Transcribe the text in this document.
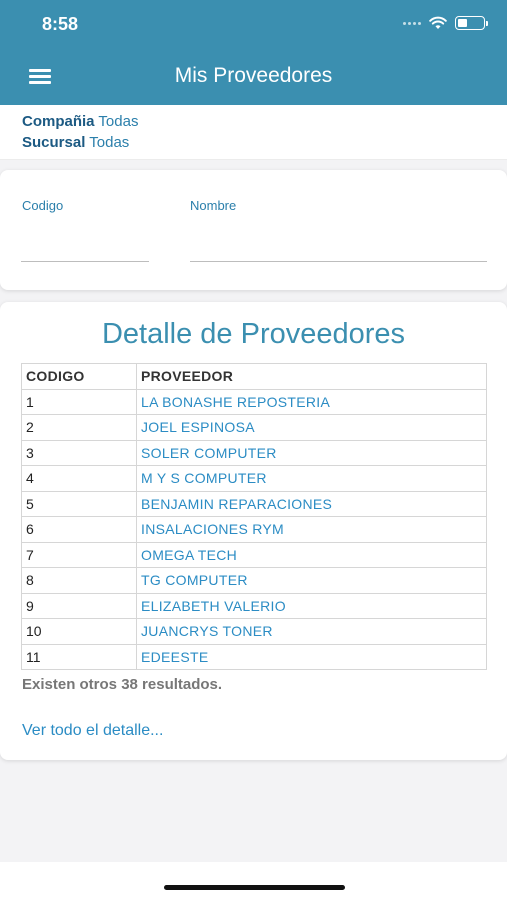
8:58
Mis Proveedores
Compañia Todas
Sucursal Todas
Codigo	Nombre
Detalle de Proveedores
CODIGO	PROVEEDOR
1	LA BONASHE REPOSTERIA
2	JOEL ESPINOSA
3	SOLER COMPUTER
4	M Y S COMPUTER
5	BENJAMIN REPARACIONES
6	INSALACIONES RYM
7	OMEGA TECH
8	TG COMPUTER
9	ELIZABETH VALERIO
10	JUANCRYS TONER
11	EDEESTE
Existen otros 38 resultados.
Ver todo el detalle...
